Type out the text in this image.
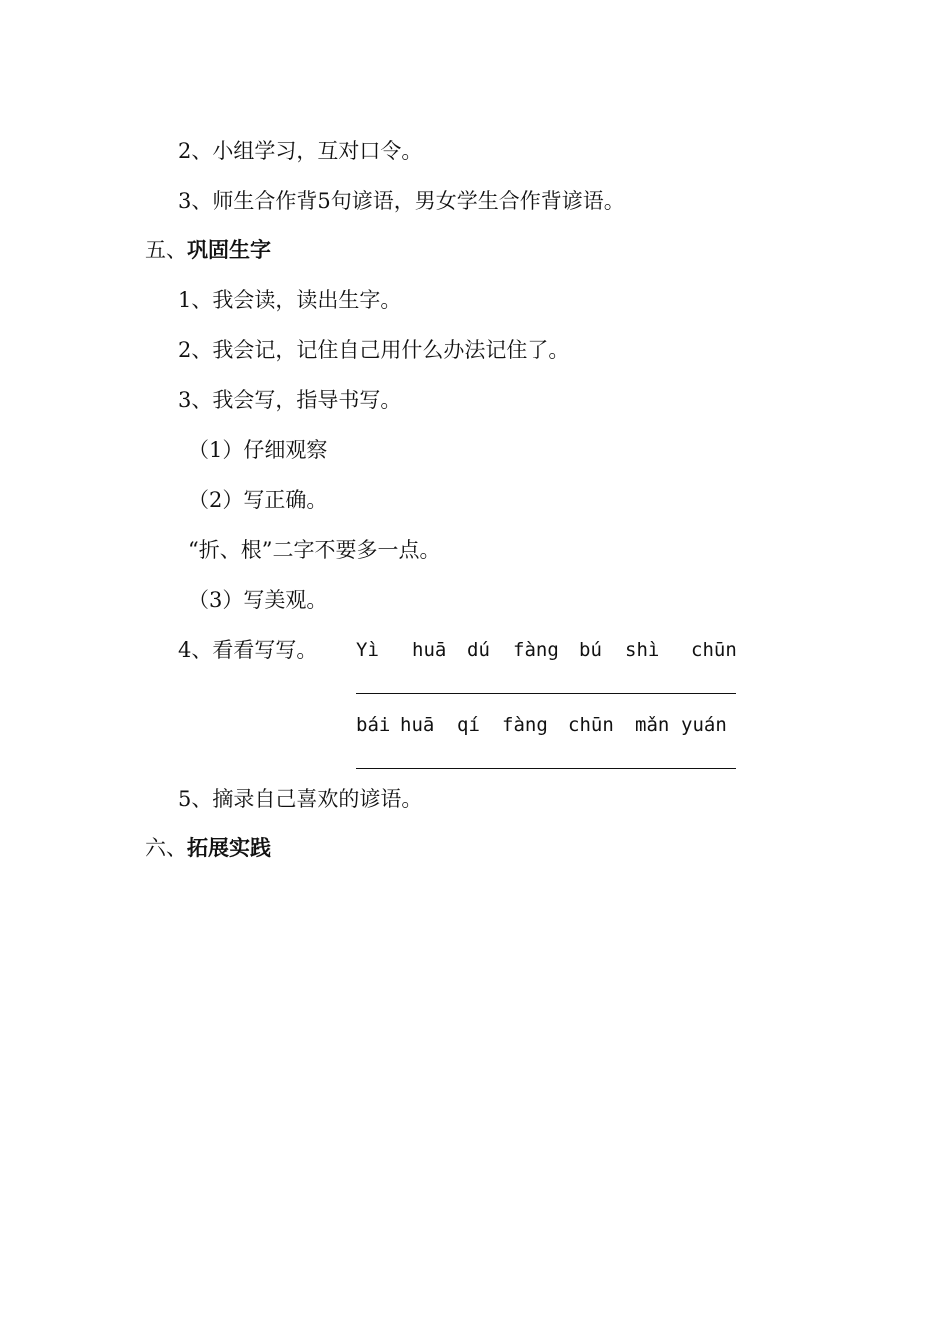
2、小组学习，互对口令。
3、师生合作背5句谚语，男女学生合作背谚语。
五、巩固生字
1、我会读，读出生字。
2、我会记，记住自己用什么办法记住了。
3、我会写，指导书写。
（1）仔细观察
（2）写正确。
“折、根”二字不要多一点。
（3）写美观。
4、看看写写。 Yì huā dú fàng bú shì chūn
bái huā qí fàng chūn mǎn yuán
5、摘录自己喜欢的谚语。
六、拓展实践
